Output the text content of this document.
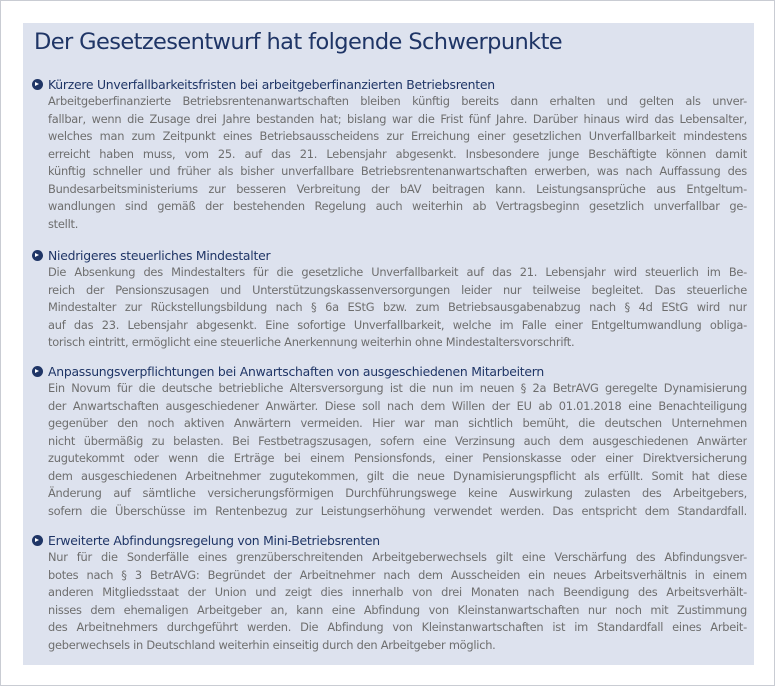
Der Gesetzesentwurf hat folgende Schwerpunkte
Kürzere Unverfallbarkeitsfristen bei arbeitgeberfinanzierten Betriebsrenten
Arbeitgeberfinanzierte Betriebsrentenanwartschaften bleiben künftig bereits dann erhalten und gelten als unver-
fallbar, wenn die Zusage drei Jahre bestanden hat; bislang war die Frist fünf Jahre. Darüber hinaus wird das Lebensalter,
welches man zum Zeitpunkt eines Betriebsausscheidens zur Erreichung einer gesetzlichen Unverfallbarkeit mindestens
erreicht haben muss, vom 25. auf das 21. Lebensjahr abgesenkt. Insbesondere junge Beschäftigte können damit
künftig schneller und früher als bisher unverfallbare Betriebsrentenanwartschaften erwerben, was nach Auffassung des
Bundesarbeitsministeriums zur besseren Verbreitung der bAV beitragen kann. Leistungsansprüche aus Entgeltum-
wandlungen sind gemäß der bestehenden Regelung auch weiterhin ab Vertragsbeginn gesetzlich unverfallbar ge-
stellt.
Niedrigeres steuerliches Mindestalter
Die Absenkung des Mindestalters für die gesetzliche Unverfallbarkeit auf das 21. Lebensjahr wird steuerlich im Be-
reich der Pensionszusagen und Unterstützungskassenversorgungen leider nur teilweise begleitet. Das steuerliche
Mindestalter zur Rückstellungsbildung nach § 6a EStG bzw. zum Betriebsausgabenabzug nach § 4d EStG wird nur
auf das 23. Lebensjahr abgesenkt. Eine sofortige Unverfallbarkeit, welche im Falle einer Entgeltumwandlung obliga-
torisch eintritt, ermöglicht eine steuerliche Anerkennung weiterhin ohne Mindestaltersvorschrift.
Anpassungsverpflichtungen bei Anwartschaften von ausgeschiedenen Mitarbeitern
Ein Novum für die deutsche betriebliche Altersversorgung ist die nun im neuen § 2a BetrAVG geregelte Dynamisierung
der Anwartschaften ausgeschiedener Anwärter. Diese soll nach dem Willen der EU ab 01.01.2018 eine Benachteiligung
gegenüber den noch aktiven Anwärtern vermeiden. Hier war man sichtlich bemüht, die deutschen Unternehmen
nicht übermäßig zu belasten. Bei Festbetragszusagen, sofern eine Verzinsung auch dem ausgeschiedenen Anwärter
zugutekommt oder wenn die Erträge bei einem Pensionsfonds, einer Pensionskasse oder einer Direktversicherung
dem ausgeschiedenen Arbeitnehmer zugutekommen, gilt die neue Dynamisierungspflicht als erfüllt. Somit hat diese
Änderung auf sämtliche versicherungsförmigen Durchführungswege keine Auswirkung zulasten des Arbeitgebers,
sofern die Überschüsse im Rentenbezug zur Leistungserhöhung verwendet werden. Das entspricht dem Standardfall.
Erweiterte Abfindungsregelung von Mini-Betriebsrenten
Nur für die Sonderfälle eines grenzüberschreitenden Arbeitgeberwechsels gilt eine Verschärfung des Abfindungsver-
botes nach § 3 BetrAVG: Begründet der Arbeitnehmer nach dem Ausscheiden ein neues Arbeitsverhältnis in einem
anderen Mitgliedsstaat der Union und zeigt dies innerhalb von drei Monaten nach Beendigung des Arbeitsverhält-
nisses dem ehemaligen Arbeitgeber an, kann eine Abfindung von Kleinstanwartschaften nur noch mit Zustimmung
des Arbeitnehmers durchgeführt werden. Die Abfindung von Kleinstanwartschaften ist im Standardfall eines Arbeit-
geberwechsels in Deutschland weiterhin einseitig durch den Arbeitgeber möglich.
